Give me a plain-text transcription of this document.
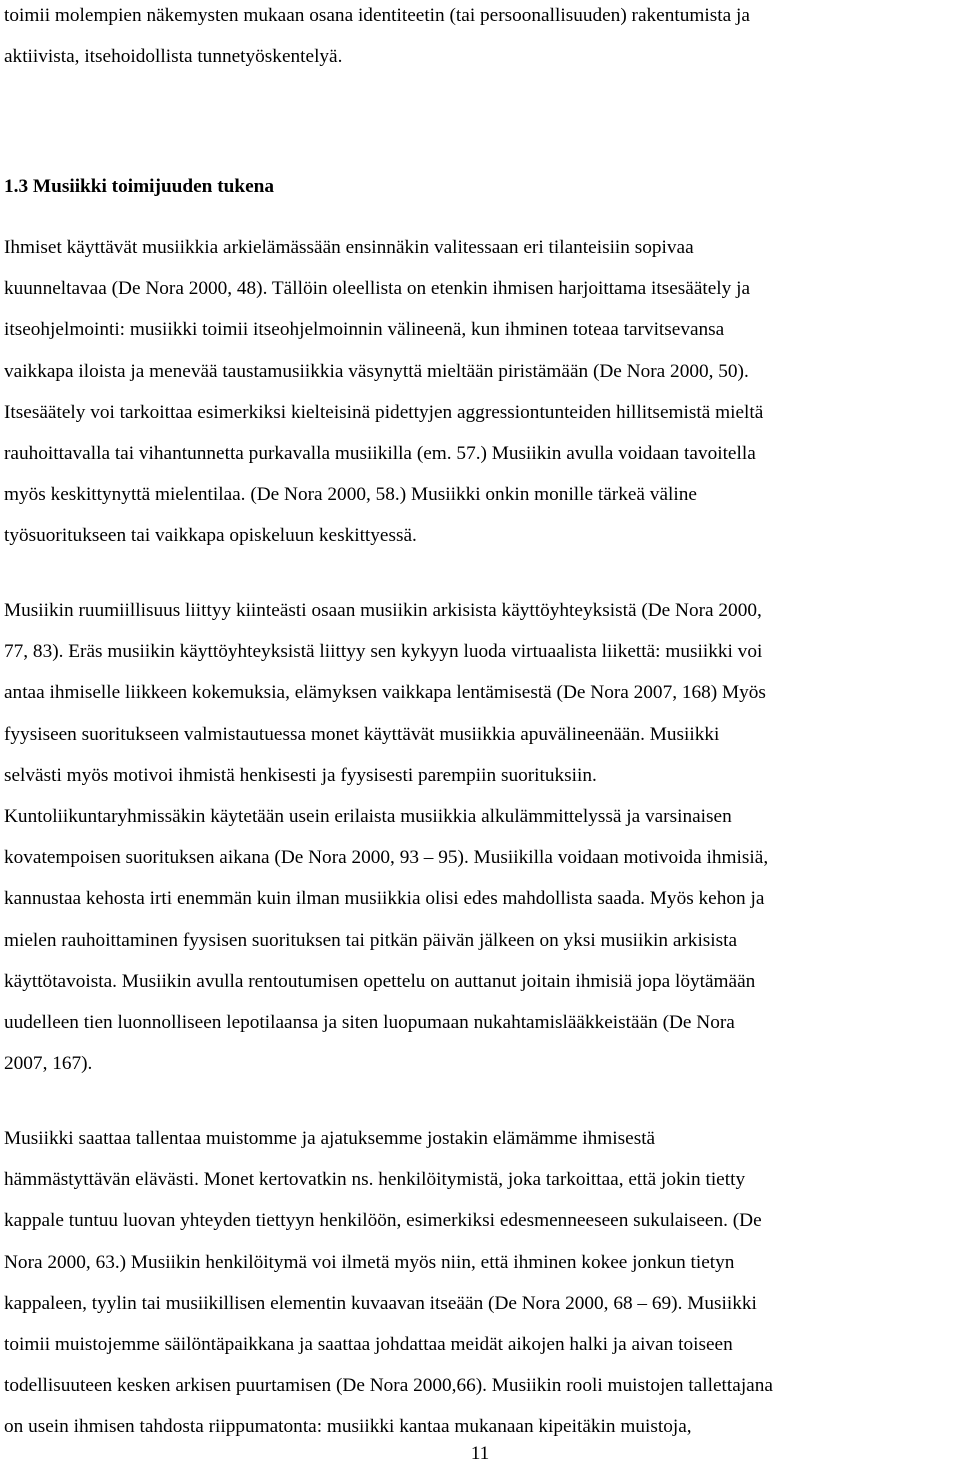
toimii molempien näkemysten mukaan osana identiteetin (tai persoonallisuuden) rakentumista ja
aktiivista, itsehoidollista tunnetyöskentelyä.
1.3 Musiikki toimijuuden tukena
Ihmiset käyttävät musiikkia arkielämässään ensinnäkin valitessaan eri tilanteisiin sopivaa
kuunneltavaa (De Nora 2000, 48). Tällöin oleellista on etenkin ihmisen harjoittama itsesäätely ja
itseohjelmointi: musiikki toimii itseohjelmoinnin välineenä, kun ihminen toteaa tarvitsevansa
vaikkapa iloista ja menevää taustamusiikkia väsynyttä mieltään piristämään (De Nora 2000, 50).
Itsesäätely voi tarkoittaa esimerkiksi kielteisinä pidettyjen aggressiontunteiden hillitsemistä mieltä
rauhoittavalla tai vihantunnetta purkavalla musiikilla (em. 57.) Musiikin avulla voidaan tavoitella
myös keskittynyttä mielentilaa. (De Nora 2000, 58.) Musiikki onkin monille tärkeä väline
työsuoritukseen tai vaikkapa opiskeluun keskittyessä.
Musiikin ruumiillisuus liittyy kiinteästi osaan musiikin arkisista käyttöyhteyksistä (De Nora 2000,
77, 83). Eräs musiikin käyttöyhteyksistä liittyy sen kykyyn luoda virtuaalista liikettä: musiikki voi
antaa ihmiselle liikkeen kokemuksia, elämyksen vaikkapa lentämisestä (De Nora 2007, 168) Myös
fyysiseen suoritukseen valmistautuessa monet käyttävät musiikkia apuvälineenään. Musiikki
selvästi myös motivoi ihmistä henkisesti ja fyysisesti parempiin suorituksiin.
Kuntoliikuntaryhmissäkin käytetään usein erilaista musiikkia alkulämmittelyssä ja varsinaisen
kovatempoisen suorituksen aikana (De Nora 2000, 93 – 95). Musiikilla voidaan motivoida ihmisiä,
kannustaa kehosta irti enemmän kuin ilman musiikkia olisi edes mahdollista saada. Myös kehon ja
mielen rauhoittaminen fyysisen suorituksen tai pitkän päivän jälkeen on yksi musiikin arkisista
käyttötavoista. Musiikin avulla rentoutumisen opettelu on auttanut joitain ihmisiä jopa löytämään
uudelleen tien luonnolliseen lepotilaansa ja siten luopumaan nukahtamislääkkeistään (De Nora
2007, 167).
Musiikki saattaa tallentaa muistomme ja ajatuksemme jostakin elämämme ihmisestä
hämmästyttävän elävästi. Monet kertovatkin ns. henkilöitymistä, joka tarkoittaa, että jokin tietty
kappale tuntuu luovan yhteyden tiettyyn henkilöön, esimerkiksi edesmenneeseen sukulaiseen. (De
Nora 2000, 63.) Musiikin henkilöitymä voi ilmetä myös niin, että ihminen kokee jonkun tietyn
kappaleen, tyylin tai musiikillisen elementin kuvaavan itseään (De Nora 2000, 68 – 69). Musiikki
toimii muistojemme säilöntäpaikkana ja saattaa johdattaa meidät aikojen halki ja aivan toiseen
todellisuuteen kesken arkisen puurtamisen (De Nora 2000,66). Musiikin rooli muistojen tallettajana
on usein ihmisen tahdosta riippumatonta: musiikki kantaa mukanaan kipeitäkin muistoja,
11
